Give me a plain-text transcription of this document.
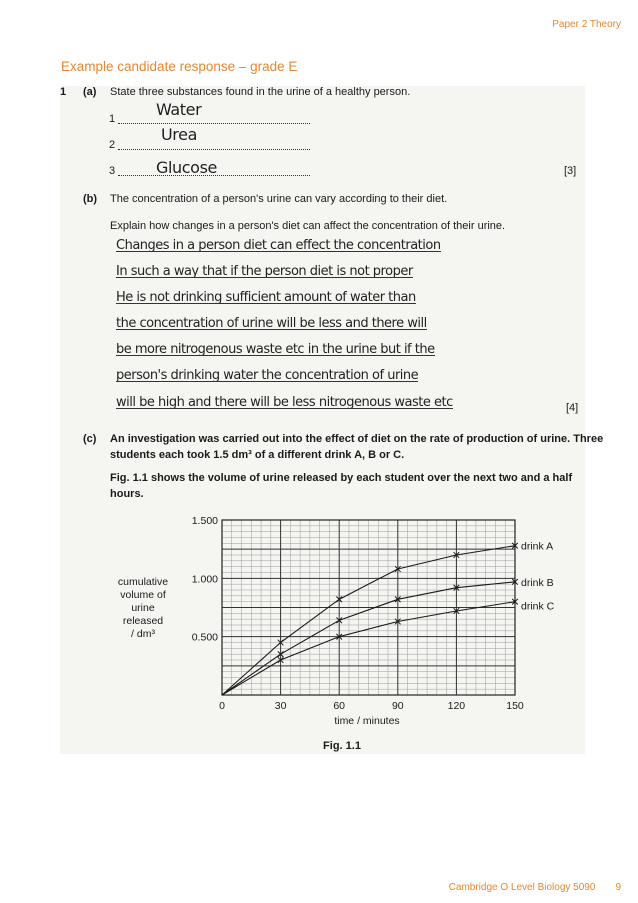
Paper 2 Theory
Example candidate response – grade E
1 (a) State three substances found in the urine of a healthy person.
1	Water
2
Urea
3	Glucose	[3]
(b) The concentration of a person's urine can vary according to their diet.
Explain how changes in a person's diet can affect the concentration of their urine.
Changes in a person diet can effect the concentration
In such a way that if the person diet is not proper
He is not drinking sufficient amount of water than
the concentration of urine will be less and there will
be more nitrogenous waste etc in the urine but if the
person's drinking water the concentration of urine
will be high and there will be less nitrogenous waste etc	[4]
(c) An investigation was carried out into the effect of diet on the rate of production of urine. Three
students each took 1.5 dm³ of a different drink A, B or C.
Fig. 1.1 shows the volume of urine released by each student over the next two and a half
hours.
drink A
drink B
drink C
0	30	60	90	120	150
0.500
1.000
1.500
cumulative
volume of
urine
released
/ dm³
time / minutes
Fig. 1.1
Cambridge O Level Biology 5090 9
